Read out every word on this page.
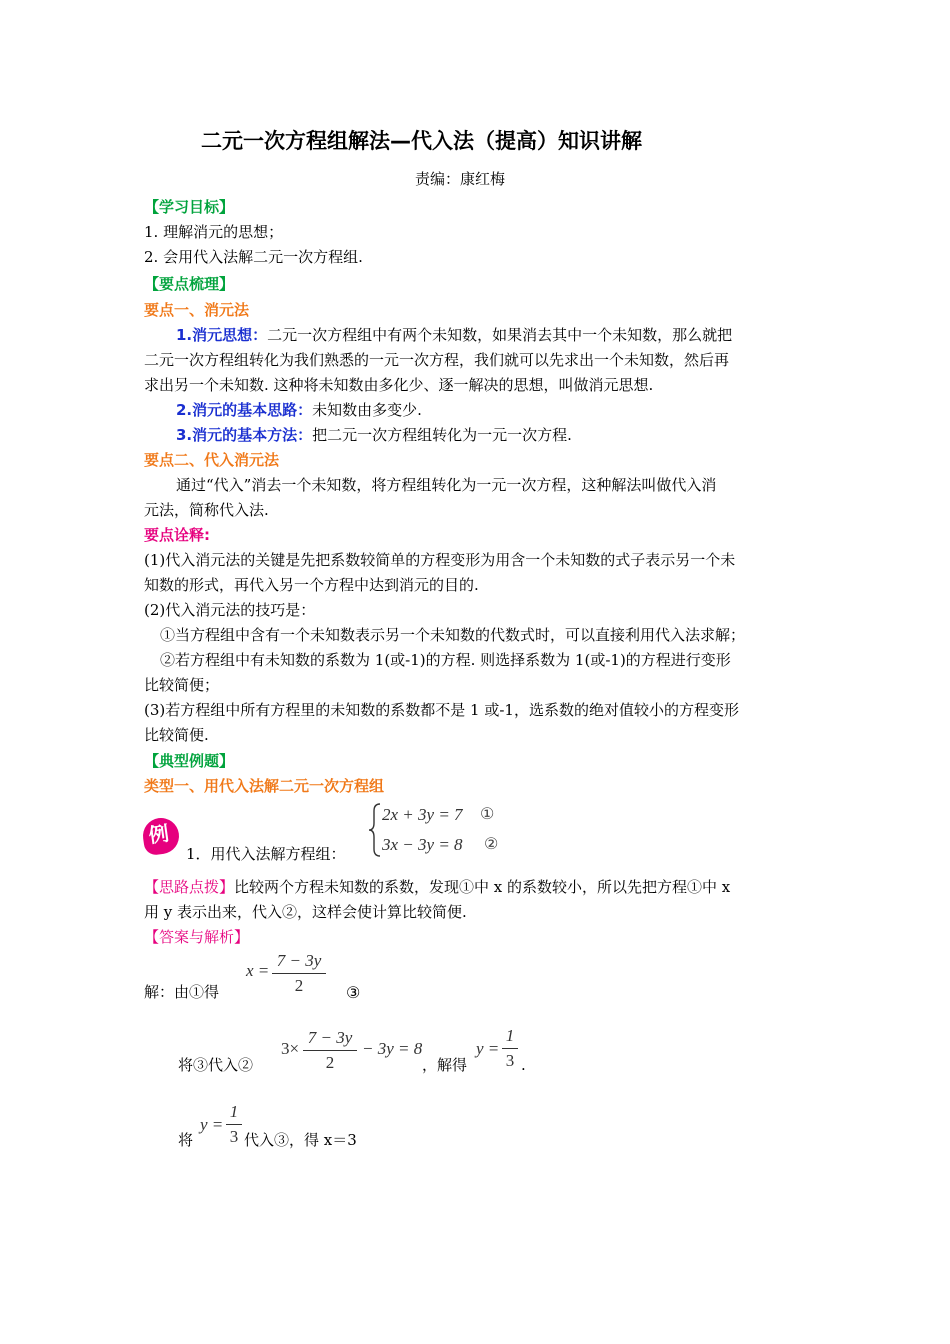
二元一次方程组解法—代入法（提高）知识讲解
责编：康红梅
【学习目标】
1. 理解消元的思想；
2. 会用代入法解二元一次方程组.
【要点梳理】
要点一、消元法
1.消元思想：二元一次方程组中有两个未知数，如果消去其中一个未知数，那么就把
二元一次方程组转化为我们熟悉的一元一次方程，我们就可以先求出一个未知数，然后再
求出另一个未知数. 这种将未知数由多化少、逐一解决的思想，叫做消元思想.
2.消元的基本思路：未知数由多变少.
3.消元的基本方法：把二元一次方程组转化为一元一次方程.
要点二、代入消元法
通过“代入”消去一个未知数，将方程组转化为一元一次方程，这种解法叫做代入消
元法，简称代入法.
要点诠释:
(1)代入消元法的关键是先把系数较简单的方程变形为用含一个未知数的式子表示另一个未
知数的形式，再代入另一个方程中达到消元的目的.
(2)代入消元法的技巧是：
①当方程组中含有一个未知数表示另一个未知数的代数式时，可以直接利用代入法求解；
②若方程组中有未知数的系数为 1(或-1)的方程. 则选择系数为 1(或-1)的方程进行变形
比较简便；
(3)若方程组中所有方程里的未知数的系数都不是 1 或-1，选系数的绝对值较小的方程变形
比较简便.
【典型例题】
类型一、用代入法解二元一次方程组
例
1．用代入法解方程组：
2x + 3y = 7 ①
3x − 3y = 8 ②
【思路点拨】比较两个方程未知数的系数，发现①中 x 的系数较小，所以先把方程①中 x
用 y 表示出来，代入②，这样会使计算比较简便.
【答案与解析】
$x = \frac{7 - 3y}{2}$
解：由①得	③
$3\times \frac{7 - 3y}{2} - 3y = 8$
将③代入②	，解得
$y = \frac{1}{3}$ .
将
$y = \frac{1}{3}$ 代入③，得 x＝3
